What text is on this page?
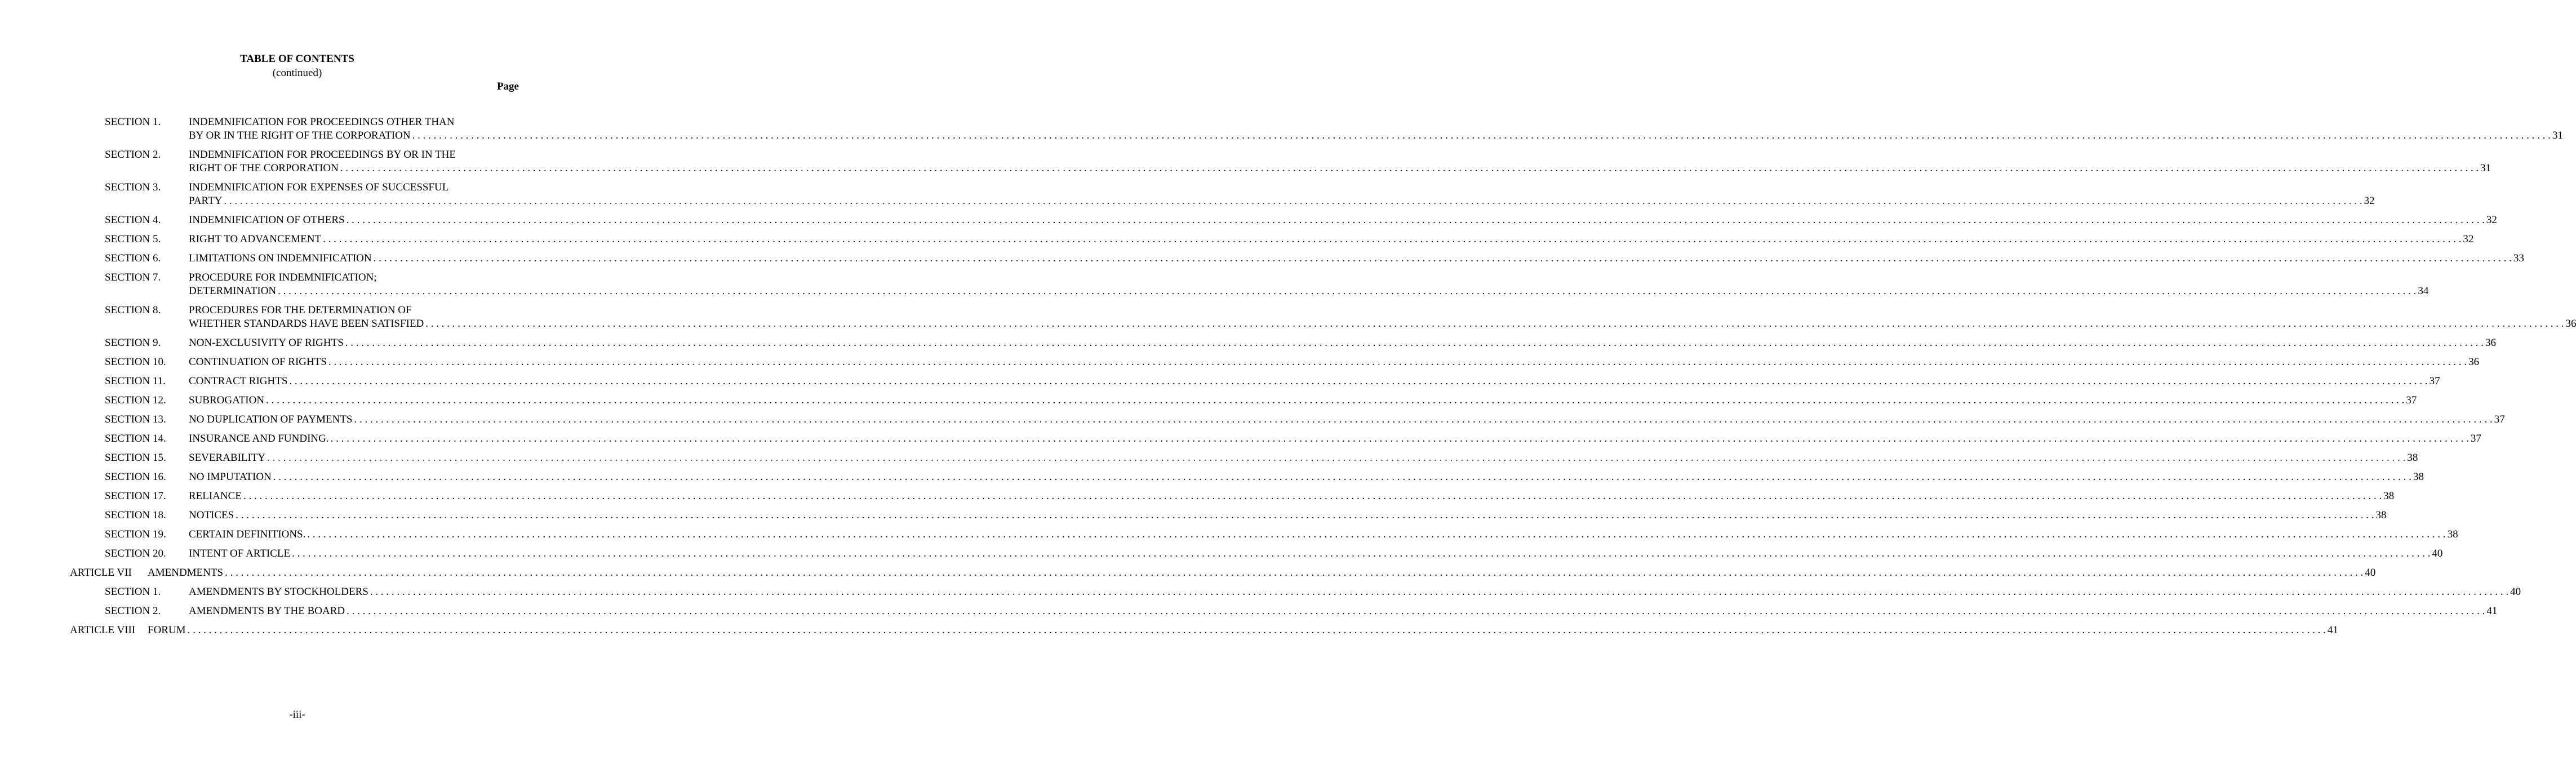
TABLE OF CONTENTS
(continued)
Page
SECTION 1.	INDEMNIFICATION FOR PROCEEDINGS OTHER THAN
BY OR IN THE RIGHT OF THE CORPORATION . . . . . . . . . . . . . . . . . . . . . . . . . . . . . . . . . . . . . . . . . . . . . . . . . . . . . . . . . . . . . . . . . . . . . . . . . . . . . . . . . . . . . . . . . . . . . . . . . . . . . . . . . . . . . . . . . . . . . . . . . . . . . . . . . . . . . . . . . . . . . . . . . . . . . . . . . . . . . . . . . . . . . . . . . . . . . . . . . . . . . . . . . . . . . . . . . . . . . . . . . . . . . . . . . . . . . . . . . . . . . . . . . . . . . . . . . . . . . . . . . . . . . . . . . . . . . . . . . . . . . . . . . . . . . . . . . . . . . . . . . . . . . . . . . . . . . . . . . . . . . . . . . . . . . . . . . . . . . . . . . . . . . . . . . . . . . . . . . . . . . . . . . . . . . . . . . . . . . . . . . . . . . . . . . . . . . . . . . . . . . . . . . . . . . . . . . . . . . . . . 31
SECTION 2.	INDEMNIFICATION FOR PROCEEDINGS BY OR IN THE
RIGHT OF THE CORPORATION . . . . . . . . . . . . . . . . . . . . . . . . . . . . . . . . . . . . . . . . . . . . . . . . . . . . . . . . . . . . . . . . . . . . . . . . . . . . . . . . . . . . . . . . . . . . . . . . . . . . . . . . . . . . . . . . . . . . . . . . . . . . . . . . . . . . . . . . . . . . . . . . . . . . . . . . . . . . . . . . . . . . . . . . . . . . . . . . . . . . . . . . . . . . . . . . . . . . . . . . . . . . . . . . . . . . . . . . . . . . . . . . . . . . . . . . . . . . . . . . . . . . . . . . . . . . . . . . . . . . . . . . . . . . . . . . . . . . . . . . . . . . . . . . . . . . . . . . . . . . . . . . . . . . . . . . . . . . . . . . . . . . . . . . . . . . . . . . . . . . . . . . . . . . . . . . . . . . . . . . . . . . . . . . . . . . . . . . . . . . . . . . . . . . . . . . . . . . . . . . 31
SECTION 3.	INDEMNIFICATION FOR EXPENSES OF SUCCESSFUL
PARTY . . . . . . . . . . . . . . . . . . . . . . . . . . . . . . . . . . . . . . . . . . . . . . . . . . . . . . . . . . . . . . . . . . . . . . . . . . . . . . . . . . . . . . . . . . . . . . . . . . . . . . . . . . . . . . . . . . . . . . . . . . . . . . . . . . . . . . . . . . . . . . . . . . . . . . . . . . . . . . . . . . . . . . . . . . . . . . . . . . . . . . . . . . . . . . . . . . . . . . . . . . . . . . . . . . . . . . . . . . . . . . . . . . . . . . . . . . . . . . . . . . . . . . . . . . . . . . . . . . . . . . . . . . . . . . . . . . . . . . . . . . . . . . . . . . . . . . . . . . . . . . . . . . . . . . . . . . . . . . . . . . . . . . . . . . . . . . . . . . . . . . . . . . . . . . . . . . . . . . . . . . . . . . . . . . . . . . . . . . . . . . . . . . . . . . . . . . . . . . . . 32
SECTION 4.	INDEMNIFICATION OF OTHERS . . . . . . . . . . . . . . . . . . . . . . . . . . . . . . . . . . . . . . . . . . . . . . . . . . . . . . . . . . . . . . . . . . . . . . . . . . . . . . . . . . . . . . . . . . . . . . . . . . . . . . . . . . . . . . . . . . . . . . . . . . . . . . . . . . . . . . . . . . . . . . . . . . . . . . . . . . . . . . . . . . . . . . . . . . . . . . . . . . . . . . . . . . . . . . . . . . . . . . . . . . . . . . . . . . . . . . . . . . . . . . . . . . . . . . . . . . . . . . . . . . . . . . . . . . . . . . . . . . . . . . . . . . . . . . . . . . . . . . . . . . . . . . . . . . . . . . . . . . . . . . . . . . . . . . . . . . . . . . . . . . . . . . . . . . . . . . . . . . . . . . . . . . . . . . . . . . . . . . . . . . . . . . . . . . . . . . . . . . . . . . . . . . . . . . . . . . . . . . . . 32
SECTION 5.	RIGHT TO ADVANCEMENT . . . . . . . . . . . . . . . . . . . . . . . . . . . . . . . . . . . . . . . . . . . . . . . . . . . . . . . . . . . . . . . . . . . . . . . . . . . . . . . . . . . . . . . . . . . . . . . . . . . . . . . . . . . . . . . . . . . . . . . . . . . . . . . . . . . . . . . . . . . . . . . . . . . . . . . . . . . . . . . . . . . . . . . . . . . . . . . . . . . . . . . . . . . . . . . . . . . . . . . . . . . . . . . . . . . . . . . . . . . . . . . . . . . . . . . . . . . . . . . . . . . . . . . . . . . . . . . . . . . . . . . . . . . . . . . . . . . . . . . . . . . . . . . . . . . . . . . . . . . . . . . . . . . . . . . . . . . . . . . . . . . . . . . . . . . . . . . . . . . . . . . . . . . . . . . . . . . . . . . . . . . . . . . . . . . . . . . . . . . . . . . . . . . . . . . . . . . . . . . . 32
SECTION 6.	LIMITATIONS ON INDEMNIFICATION . . . . . . . . . . . . . . . . . . . . . . . . . . . . . . . . . . . . . . . . . . . . . . . . . . . . . . . . . . . . . . . . . . . . . . . . . . . . . . . . . . . . . . . . . . . . . . . . . . . . . . . . . . . . . . . . . . . . . . . . . . . . . . . . . . . . . . . . . . . . . . . . . . . . . . . . . . . . . . . . . . . . . . . . . . . . . . . . . . . . . . . . . . . . . . . . . . . . . . . . . . . . . . . . . . . . . . . . . . . . . . . . . . . . . . . . . . . . . . . . . . . . . . . . . . . . . . . . . . . . . . . . . . . . . . . . . . . . . . . . . . . . . . . . . . . . . . . . . . . . . . . . . . . . . . . . . . . . . . . . . . . . . . . . . . . . . . . . . . . . . . . . . . . . . . . . . . . . . . . . . . . . . . . . . . . . . . . . . . . . . . . . . . . . . . . . . . . . . . . . 33
SECTION 7.	PROCEDURE FOR INDEMNIFICATION;
DETERMINATION . . . . . . . . . . . . . . . . . . . . . . . . . . . . . . . . . . . . . . . . . . . . . . . . . . . . . . . . . . . . . . . . . . . . . . . . . . . . . . . . . . . . . . . . . . . . . . . . . . . . . . . . . . . . . . . . . . . . . . . . . . . . . . . . . . . . . . . . . . . . . . . . . . . . . . . . . . . . . . . . . . . . . . . . . . . . . . . . . . . . . . . . . . . . . . . . . . . . . . . . . . . . . . . . . . . . . . . . . . . . . . . . . . . . . . . . . . . . . . . . . . . . . . . . . . . . . . . . . . . . . . . . . . . . . . . . . . . . . . . . . . . . . . . . . . . . . . . . . . . . . . . . . . . . . . . . . . . . . . . . . . . . . . . . . . . . . . . . . . . . . . . . . . . . . . . . . . . . . . . . . . . . . . . . . . . . . . . . . . . . . . . . . . . . . . . . . . . . . . . . 34
SECTION 8.	PROCEDURES FOR THE DETERMINATION OF
WHETHER STANDARDS HAVE BEEN SATISFIED . . . . . . . . . . . . . . . . . . . . . . . . . . . . . . . . . . . . . . . . . . . . . . . . . . . . . . . . . . . . . . . . . . . . . . . . . . . . . . . . . . . . . . . . . . . . . . . . . . . . . . . . . . . . . . . . . . . . . . . . . . . . . . . . . . . . . . . . . . . . . . . . . . . . . . . . . . . . . . . . . . . . . . . . . . . . . . . . . . . . . . . . . . . . . . . . . . . . . . . . . . . . . . . . . . . . . . . . . . . . . . . . . . . . . . . . . . . . . . . . . . . . . . . . . . . . . . . . . . . . . . . . . . . . . . . . . . . . . . . . . . . . . . . . . . . . . . . . . . . . . . . . . . . . . . . . . . . . . . . . . . . . . . . . . . . . . . . . . . . . . . . . . . . . . . . . . . . . . . . . . . . . . . . . . . . . . . . . . . . . . . . . . . . . . . . . . . . . . . . . 36
SECTION 9.	NON-EXCLUSIVITY OF RIGHTS . . . . . . . . . . . . . . . . . . . . . . . . . . . . . . . . . . . . . . . . . . . . . . . . . . . . . . . . . . . . . . . . . . . . . . . . . . . . . . . . . . . . . . . . . . . . . . . . . . . . . . . . . . . . . . . . . . . . . . . . . . . . . . . . . . . . . . . . . . . . . . . . . . . . . . . . . . . . . . . . . . . . . . . . . . . . . . . . . . . . . . . . . . . . . . . . . . . . . . . . . . . . . . . . . . . . . . . . . . . . . . . . . . . . . . . . . . . . . . . . . . . . . . . . . . . . . . . . . . . . . . . . . . . . . . . . . . . . . . . . . . . . . . . . . . . . . . . . . . . . . . . . . . . . . . . . . . . . . . . . . . . . . . . . . . . . . . . . . . . . . . . . . . . . . . . . . . . . . . . . . . . . . . . . . . . . . . . . . . . . . . . . . . . . . . . . . . . . . . . . 36
SECTION 10. CONTINUATION OF RIGHTS . . . . . . . . . . . . . . . . . . . . . . . . . . . . . . . . . . . . . . . . . . . . . . . . . . . . . . . . . . . . . . . . . . . . . . . . . . . . . . . . . . . . . . . . . . . . . . . . . . . . . . . . . . . . . . . . . . . . . . . . . . . . . . . . . . . . . . . . . . . . . . . . . . . . . . . . . . . . . . . . . . . . . . . . . . . . . . . . . . . . . . . . . . . . . . . . . . . . . . . . . . . . . . . . . . . . . . . . . . . . . . . . . . . . . . . . . . . . . . . . . . . . . . . . . . . . . . . . . . . . . . . . . . . . . . . . . . . . . . . . . . . . . . . . . . . . . . . . . . . . . . . . . . . . . . . . . . . . . . . . . . . . . . . . . . . . . . . . . . . . . . . . . . . . . . . . . . . . . . . . . . . . . . . . . . . . . . . . . . . . . . . . . . . . . . . . . . . . . . . . 36
SECTION 11. CONTRACT RIGHTS . . . . . . . . . . . . . . . . . . . . . . . . . . . . . . . . . . . . . . . . . . . . . . . . . . . . . . . . . . . . . . . . . . . . . . . . . . . . . . . . . . . . . . . . . . . . . . . . . . . . . . . . . . . . . . . . . . . . . . . . . . . . . . . . . . . . . . . . . . . . . . . . . . . . . . . . . . . . . . . . . . . . . . . . . . . . . . . . . . . . . . . . . . . . . . . . . . . . . . . . . . . . . . . . . . . . . . . . . . . . . . . . . . . . . . . . . . . . . . . . . . . . . . . . . . . . . . . . . . . . . . . . . . . . . . . . . . . . . . . . . . . . . . . . . . . . . . . . . . . . . . . . . . . . . . . . . . . . . . . . . . . . . . . . . . . . . . . . . . . . . . . . . . . . . . . . . . . . . . . . . . . . . . . . . . . . . . . . . . . . . . . . . . . . . . . . . . . . . . . . 37
SECTION 12. SUBROGATION . . . . . . . . . . . . . . . . . . . . . . . . . . . . . . . . . . . . . . . . . . . . . . . . . . . . . . . . . . . . . . . . . . . . . . . . . . . . . . . . . . . . . . . . . . . . . . . . . . . . . . . . . . . . . . . . . . . . . . . . . . . . . . . . . . . . . . . . . . . . . . . . . . . . . . . . . . . . . . . . . . . . . . . . . . . . . . . . . . . . . . . . . . . . . . . . . . . . . . . . . . . . . . . . . . . . . . . . . . . . . . . . . . . . . . . . . . . . . . . . . . . . . . . . . . . . . . . . . . . . . . . . . . . . . . . . . . . . . . . . . . . . . . . . . . . . . . . . . . . . . . . . . . . . . . . . . . . . . . . . . . . . . . . . . . . . . . . . . . . . . . . . . . . . . . . . . . . . . . . . . . . . . . . . . . . . . . . . . . . . . . . . . . . . . . . . . . . . . . . . 37
SECTION 13. NO DUPLICATION OF PAYMENTS . . . . . . . . . . . . . . . . . . . . . . . . . . . . . . . . . . . . . . . . . . . . . . . . . . . . . . . . . . . . . . . . . . . . . . . . . . . . . . . . . . . . . . . . . . . . . . . . . . . . . . . . . . . . . . . . . . . . . . . . . . . . . . . . . . . . . . . . . . . . . . . . . . . . . . . . . . . . . . . . . . . . . . . . . . . . . . . . . . . . . . . . . . . . . . . . . . . . . . . . . . . . . . . . . . . . . . . . . . . . . . . . . . . . . . . . . . . . . . . . . . . . . . . . . . . . . . . . . . . . . . . . . . . . . . . . . . . . . . . . . . . . . . . . . . . . . . . . . . . . . . . . . . . . . . . . . . . . . . . . . . . . . . . . . . . . . . . . . . . . . . . . . . . . . . . . . . . . . . . . . . . . . . . . . . . . . . . . . . . . . . . . . . . . . . . . . . . . . . . . 37
SECTION 14. INSURANCE AND FUNDING. . . . . . . . . . . . . . . . . . . . . . . . . . . . . . . . . . . . . . . . . . . . . . . . . . . . . . . . . . . . . . . . . . . . . . . . . . . . . . . . . . . . . . . . . . . . . . . . . . . . . . . . . . . . . . . . . . . . . . . . . . . . . . . . . . . . . . . . . . . . . . . . . . . . . . . . . . . . . . . . . . . . . . . . . . . . . . . . . . . . . . . . . . . . . . . . . . . . . . . . . . . . . . . . . . . . . . . . . . . . . . . . . . . . . . . . . . . . . . . . . . . . . . . . . . . . . . . . . . . . . . . . . . . . . . . . . . . . . . . . . . . . . . . . . . . . . . . . . . . . . . . . . . . . . . . . . . . . . . . . . . . . . . . . . . . . . . . . . . . . . . . . . . . . . . . . . . . . . . . . . . . . . . . . . . . . . . . . . . . . . . . . . . . . . . . . . . . . . . . . . 37
SECTION 15. SEVERABILITY . . . . . . . . . . . . . . . . . . . . . . . . . . . . . . . . . . . . . . . . . . . . . . . . . . . . . . . . . . . . . . . . . . . . . . . . . . . . . . . . . . . . . . . . . . . . . . . . . . . . . . . . . . . . . . . . . . . . . . . . . . . . . . . . . . . . . . . . . . . . . . . . . . . . . . . . . . . . . . . . . . . . . . . . . . . . . . . . . . . . . . . . . . . . . . . . . . . . . . . . . . . . . . . . . . . . . . . . . . . . . . . . . . . . . . . . . . . . . . . . . . . . . . . . . . . . . . . . . . . . . . . . . . . . . . . . . . . . . . . . . . . . . . . . . . . . . . . . . . . . . . . . . . . . . . . . . . . . . . . . . . . . . . . . . . . . . . . . . . . . . . . . . . . . . . . . . . . . . . . . . . . . . . . . . . . . . . . . . . . . . . . . . . . . . . . . . . . . . . . . 38
SECTION 16. NO IMPUTATION . . . . . . . . . . . . . . . . . . . . . . . . . . . . . . . . . . . . . . . . . . . . . . . . . . . . . . . . . . . . . . . . . . . . . . . . . . . . . . . . . . . . . . . . . . . . . . . . . . . . . . . . . . . . . . . . . . . . . . . . . . . . . . . . . . . . . . . . . . . . . . . . . . . . . . . . . . . . . . . . . . . . . . . . . . . . . . . . . . . . . . . . . . . . . . . . . . . . . . . . . . . . . . . . . . . . . . . . . . . . . . . . . . . . . . . . . . . . . . . . . . . . . . . . . . . . . . . . . . . . . . . . . . . . . . . . . . . . . . . . . . . . . . . . . . . . . . . . . . . . . . . . . . . . . . . . . . . . . . . . . . . . . . . . . . . . . . . . . . . . . . . . . . . . . . . . . . . . . . . . . . . . . . . . . . . . . . . . . . . . . . . . . . . . . . . . . . . . . . . . 38
SECTION 17. RELIANCE . . . . . . . . . . . . . . . . . . . . . . . . . . . . . . . . . . . . . . . . . . . . . . . . . . . . . . . . . . . . . . . . . . . . . . . . . . . . . . . . . . . . . . . . . . . . . . . . . . . . . . . . . . . . . . . . . . . . . . . . . . . . . . . . . . . . . . . . . . . . . . . . . . . . . . . . . . . . . . . . . . . . . . . . . . . . . . . . . . . . . . . . . . . . . . . . . . . . . . . . . . . . . . . . . . . . . . . . . . . . . . . . . . . . . . . . . . . . . . . . . . . . . . . . . . . . . . . . . . . . . . . . . . . . . . . . . . . . . . . . . . . . . . . . . . . . . . . . . . . . . . . . . . . . . . . . . . . . . . . . . . . . . . . . . . . . . . . . . . . . . . . . . . . . . . . . . . . . . . . . . . . . . . . . . . . . . . . . . . . . . . . . . . . . . . . . . . . . . . . . 38
SECTION 18. NOTICES . . . . . . . . . . . . . . . . . . . . . . . . . . . . . . . . . . . . . . . . . . . . . . . . . . . . . . . . . . . . . . . . . . . . . . . . . . . . . . . . . . . . . . . . . . . . . . . . . . . . . . . . . . . . . . . . . . . . . . . . . . . . . . . . . . . . . . . . . . . . . . . . . . . . . . . . . . . . . . . . . . . . . . . . . . . . . . . . . . . . . . . . . . . . . . . . . . . . . . . . . . . . . . . . . . . . . . . . . . . . . . . . . . . . . . . . . . . . . . . . . . . . . . . . . . . . . . . . . . . . . . . . . . . . . . . . . . . . . . . . . . . . . . . . . . . . . . . . . . . . . . . . . . . . . . . . . . . . . . . . . . . . . . . . . . . . . . . . . . . . . . . . . . . . . . . . . . . . . . . . . . . . . . . . . . . . . . . . . . . . . . . . . . . . . . . . . . . . . . . . 38
SECTION 19. CERTAIN DEFINITIONS. . . . . . . . . . . . . . . . . . . . . . . . . . . . . . . . . . . . . . . . . . . . . . . . . . . . . . . . . . . . . . . . . . . . . . . . . . . . . . . . . . . . . . . . . . . . . . . . . . . . . . . . . . . . . . . . . . . . . . . . . . . . . . . . . . . . . . . . . . . . . . . . . . . . . . . . . . . . . . . . . . . . . . . . . . . . . . . . . . . . . . . . . . . . . . . . . . . . . . . . . . . . . . . . . . . . . . . . . . . . . . . . . . . . . . . . . . . . . . . . . . . . . . . . . . . . . . . . . . . . . . . . . . . . . . . . . . . . . . . . . . . . . . . . . . . . . . . . . . . . . . . . . . . . . . . . . . . . . . . . . . . . . . . . . . . . . . . . . . . . . . . . . . . . . . . . . . . . . . . . . . . . . . . . . . . . . . . . . . . . . . . . . . . . . . . . . . . . . . . . . 38
SECTION 20. INTENT OF ARTICLE . . . . . . . . . . . . . . . . . . . . . . . . . . . . . . . . . . . . . . . . . . . . . . . . . . . . . . . . . . . . . . . . . . . . . . . . . . . . . . . . . . . . . . . . . . . . . . . . . . . . . . . . . . . . . . . . . . . . . . . . . . . . . . . . . . . . . . . . . . . . . . . . . . . . . . . . . . . . . . . . . . . . . . . . . . . . . . . . . . . . . . . . . . . . . . . . . . . . . . . . . . . . . . . . . . . . . . . . . . . . . . . . . . . . . . . . . . . . . . . . . . . . . . . . . . . . . . . . . . . . . . . . . . . . . . . . . . . . . . . . . . . . . . . . . . . . . . . . . . . . . . . . . . . . . . . . . . . . . . . . . . . . . . . . . . . . . . . . . . . . . . . . . . . . . . . . . . . . . . . . . . . . . . . . . . . . . . . . . . . . . . . . . . . . . . . . . . . . . . . . 40
ARTICLE VII AMENDMENTS . . . . . . . . . . . . . . . . . . . . . . . . . . . . . . . . . . . . . . . . . . . . . . . . . . . . . . . . . . . . . . . . . . . . . . . . . . . . . . . . . . . . . . . . . . . . . . . . . . . . . . . . . . . . . . . . . . . . . . . . . . . . . . . . . . . . . . . . . . . . . . . . . . . . . . . . . . . . . . . . . . . . . . . . . . . . . . . . . . . . . . . . . . . . . . . . . . . . . . . . . . . . . . . . . . . . . . . . . . . . . . . . . . . . . . . . . . . . . . . . . . . . . . . . . . . . . . . . . . . . . . . . . . . . . . . . . . . . . . . . . . . . . . . . . . . . . . . . . . . . . . . . . . . . . . . . . . . . . . . . . . . . . . . . . . . . . . . . . . . . . . . . . . . . . . . . . . . . . . . . . . . . . . . . . . . . . . . . . . . . . . . . . . . . . . . . . . . . . . . . 40
SECTION 1.	AMENDMENTS BY STOCKHOLDERS . . . . . . . . . . . . . . . . . . . . . . . . . . . . . . . . . . . . . . . . . . . . . . . . . . . . . . . . . . . . . . . . . . . . . . . . . . . . . . . . . . . . . . . . . . . . . . . . . . . . . . . . . . . . . . . . . . . . . . . . . . . . . . . . . . . . . . . . . . . . . . . . . . . . . . . . . . . . . . . . . . . . . . . . . . . . . . . . . . . . . . . . . . . . . . . . . . . . . . . . . . . . . . . . . . . . . . . . . . . . . . . . . . . . . . . . . . . . . . . . . . . . . . . . . . . . . . . . . . . . . . . . . . . . . . . . . . . . . . . . . . . . . . . . . . . . . . . . . . . . . . . . . . . . . . . . . . . . . . . . . . . . . . . . . . . . . . . . . . . . . . . . . . . . . . . . . . . . . . . . . . . . . . . . . . . . . . . . . . . . . . . . . . . . . . . . . . . . . . . . 40
SECTION 2.	AMENDMENTS BY THE BOARD . . . . . . . . . . . . . . . . . . . . . . . . . . . . . . . . . . . . . . . . . . . . . . . . . . . . . . . . . . . . . . . . . . . . . . . . . . . . . . . . . . . . . . . . . . . . . . . . . . . . . . . . . . . . . . . . . . . . . . . . . . . . . . . . . . . . . . . . . . . . . . . . . . . . . . . . . . . . . . . . . . . . . . . . . . . . . . . . . . . . . . . . . . . . . . . . . . . . . . . . . . . . . . . . . . . . . . . . . . . . . . . . . . . . . . . . . . . . . . . . . . . . . . . . . . . . . . . . . . . . . . . . . . . . . . . . . . . . . . . . . . . . . . . . . . . . . . . . . . . . . . . . . . . . . . . . . . . . . . . . . . . . . . . . . . . . . . . . . . . . . . . . . . . . . . . . . . . . . . . . . . . . . . . . . . . . . . . . . . . . . . . . . . . . . . . . . . . . . . . . 41
ARTICLE VIII FORUM . . . . . . . . . . . . . . . . . . . . . . . . . . . . . . . . . . . . . . . . . . . . . . . . . . . . . . . . . . . . . . . . . . . . . . . . . . . . . . . . . . . . . . . . . . . . . . . . . . . . . . . . . . . . . . . . . . . . . . . . . . . . . . . . . . . . . . . . . . . . . . . . . . . . . . . . . . . . . . . . . . . . . . . . . . . . . . . . . . . . . . . . . . . . . . . . . . . . . . . . . . . . . . . . . . . . . . . . . . . . . . . . . . . . . . . . . . . . . . . . . . . . . . . . . . . . . . . . . . . . . . . . . . . . . . . . . . . . . . . . . . . . . . . . . . . . . . . . . . . . . . . . . . . . . . . . . . . . . . . . . . . . . . . . . . . . . . . . . . . . . . . . . . . . . . . . . . . . . . . . . . . . . . . . . . . . . . . . . . . . . . . . . . . . . . . . . . . . . . . . 41
-iii-
